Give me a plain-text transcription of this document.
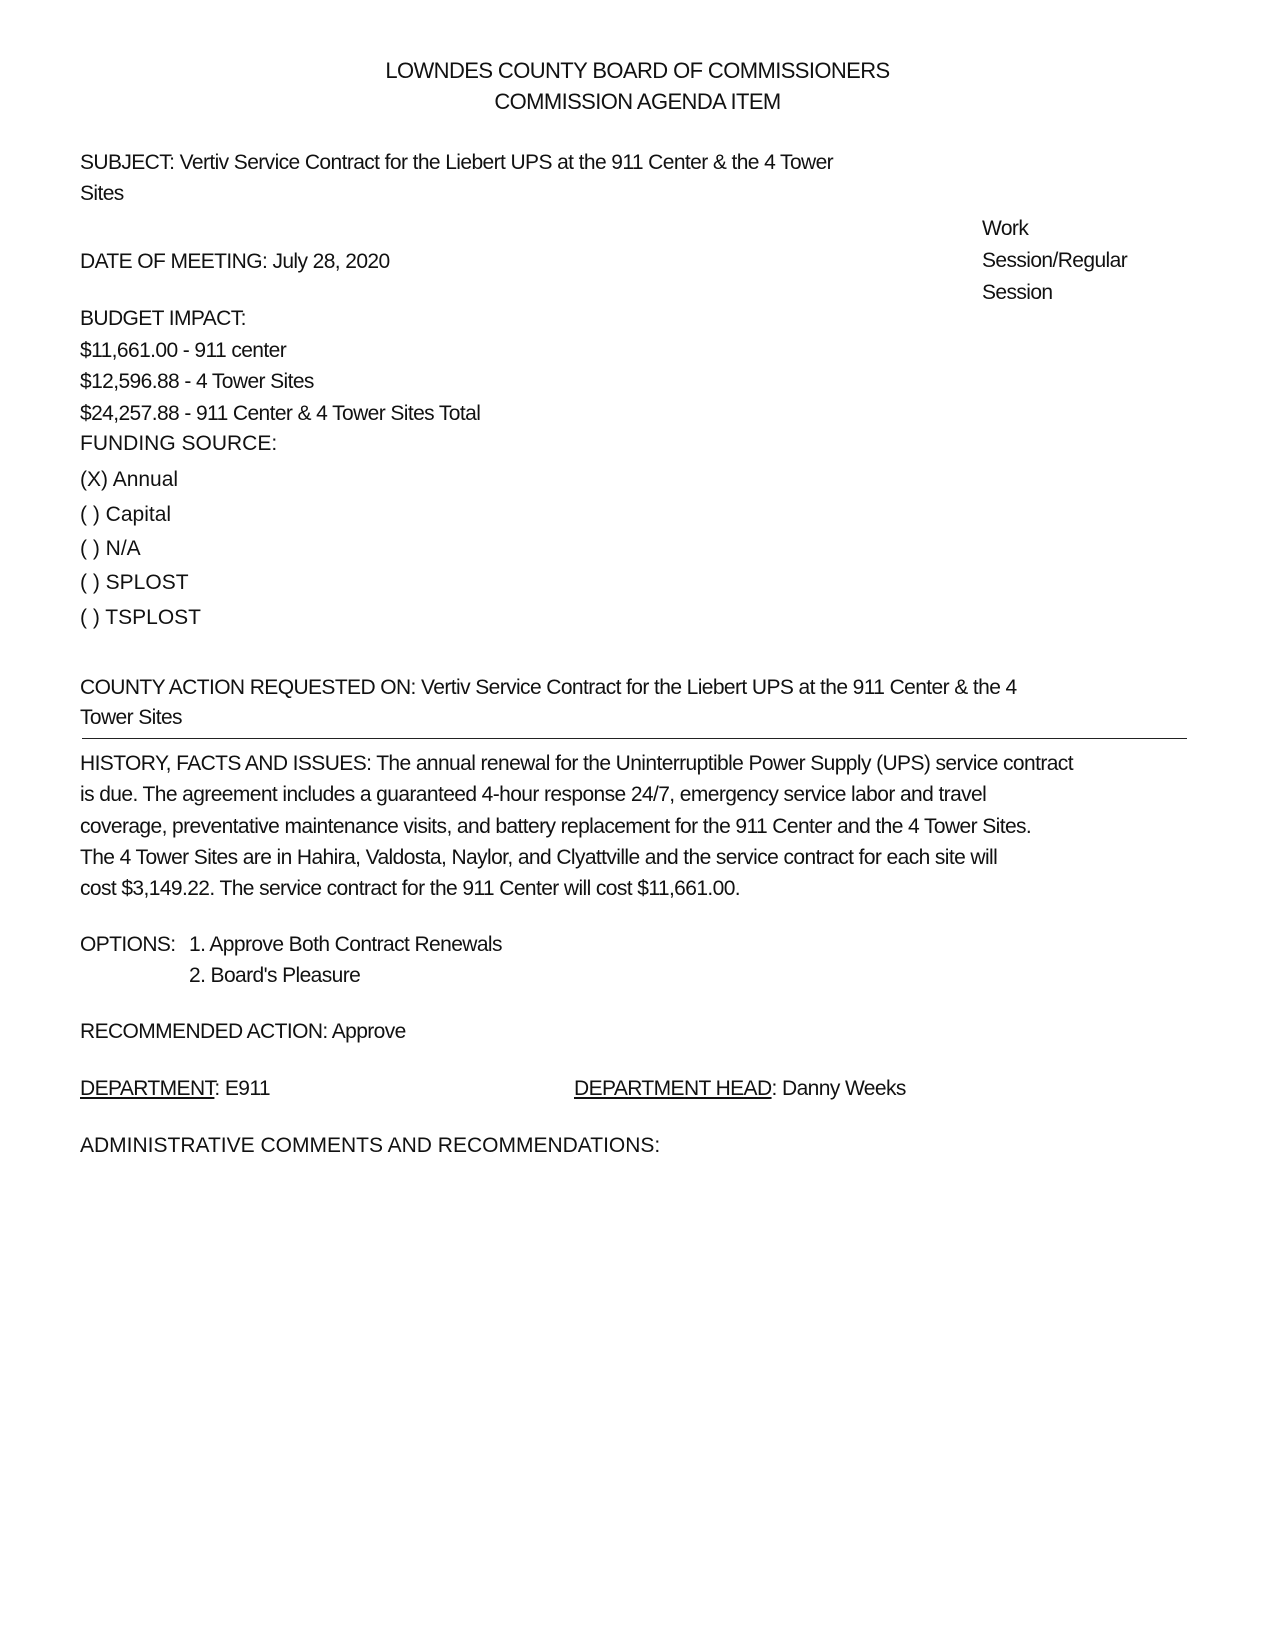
LOWNDES COUNTY BOARD OF COMMISSIONERS
COMMISSION AGENDA ITEM
SUBJECT: Vertiv Service Contract for the Liebert UPS at the 911 Center & the 4 Tower
Sites
DATE OF MEETING: July 28, 2020
Work
Session/Regular
Session
BUDGET IMPACT:
$11,661.00 - 911 center
$12,596.88 - 4 Tower Sites
$24,257.88 - 911 Center & 4 Tower Sites Total
FUNDING SOURCE:
(X) Annual
( ) Capital
( ) N/A
( ) SPLOST
( ) TSPLOST
COUNTY ACTION REQUESTED ON: Vertiv Service Contract for the Liebert UPS at the 911 Center & the 4
Tower Sites
HISTORY, FACTS AND ISSUES: The annual renewal for the Uninterruptible Power Supply (UPS) service contract
is due. The agreement includes a guaranteed 4-hour response 24/7, emergency service labor and travel
coverage, preventative maintenance visits, and battery replacement for the 911 Center and the 4 Tower Sites.
The 4 Tower Sites are in Hahira, Valdosta, Naylor, and Clyattville and the service contract for each site will
cost $3,149.22. The service contract for the 911 Center will cost $11,661.00.
OPTIONS: 1. Approve Both Contract Renewals
2. Board's Pleasure
RECOMMENDED ACTION: Approve
DEPARTMENT: E911	DEPARTMENT HEAD: Danny Weeks
ADMINISTRATIVE COMMENTS AND RECOMMENDATIONS:
